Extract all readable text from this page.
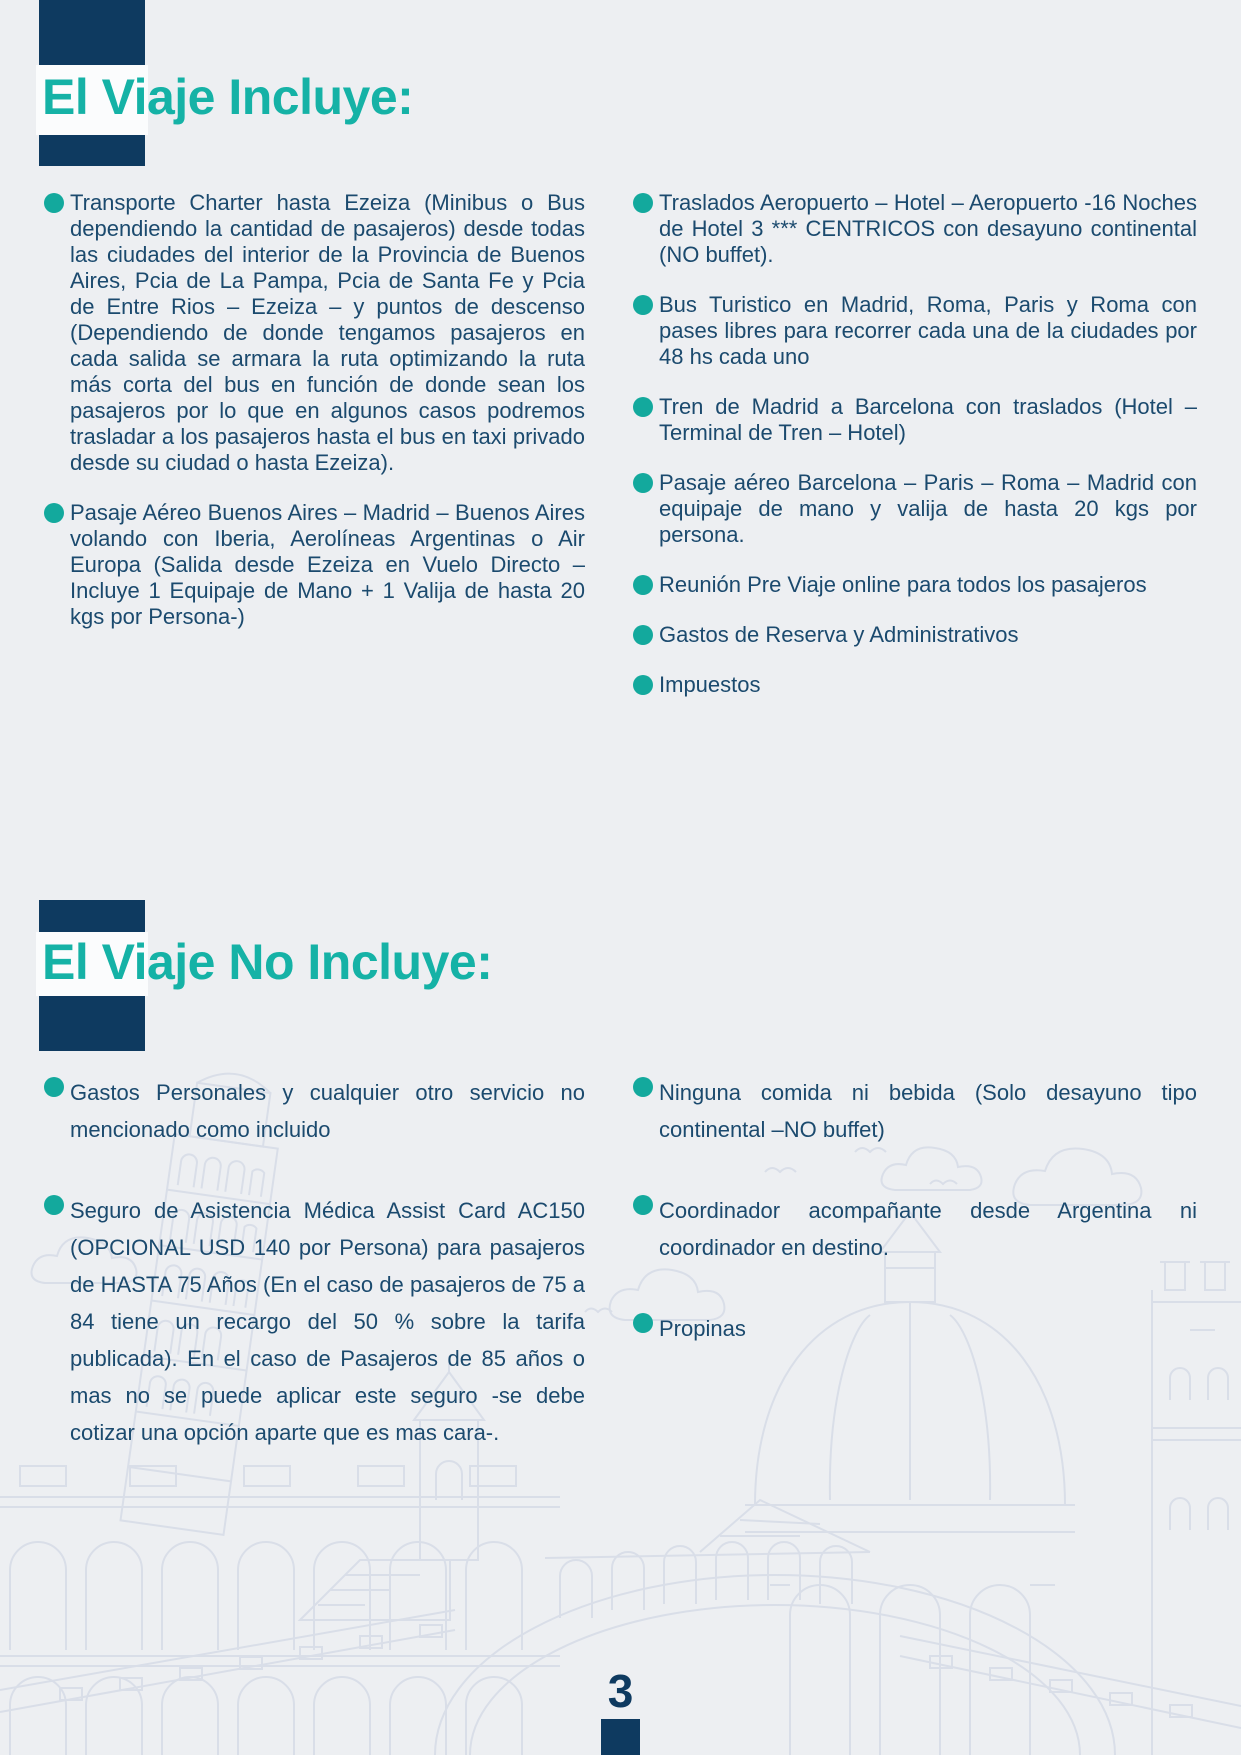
El Viaje Incluye:

Transporte Charter hasta Ezeiza (Minibus o Bus dependiendo la cantidad de pasajeros) desde todas las ciudades del interior de la Provincia de Buenos Aires, Pcia de La Pampa, Pcia de Santa Fe y Pcia de Entre Rios – Ezeiza – y puntos de descenso (Dependiendo de donde tengamos pasajeros en cada salida se armara la ruta optimizando la ruta más corta del bus en función de donde sean los pasajeros por lo que en algunos casos podremos trasladar a los pasajeros hasta el bus en taxi privado desde su ciudad o hasta Ezeiza).

Pasaje Aéreo Buenos Aires – Madrid – Buenos Aires volando con Iberia, Aerolíneas Argentinas o Air Europa (Salida desde Ezeiza en Vuelo Directo – Incluye 1 Equipaje de Mano + 1 Valija de hasta 20 kgs por Persona-)

Traslados Aeropuerto – Hotel – Aeropuerto -16 Noches de Hotel 3 *** CENTRICOS con desayuno continental (NO buffet).

Bus Turistico en Madrid, Roma, Paris y Roma con pases libres para recorrer cada una de la ciudades por 48 hs cada uno

Tren de Madrid a Barcelona con traslados (Hotel – Terminal de Tren – Hotel)

Pasaje aéreo Barcelona – Paris – Roma – Madrid con equipaje de mano y valija de hasta 20 kgs por persona.

Reunión Pre Viaje online para todos los pasajeros

Gastos de Reserva y Administrativos

Impuestos

El Viaje No Incluye:

Gastos Personales y cualquier otro servicio no mencionado como incluido

Seguro de Asistencia Médica Assist Card AC150 (OPCIONAL USD 140 por Persona) para pasajeros de HASTA 75 Años (En el caso de pasajeros de 75 a 84 tiene un recargo del 50 % sobre la tarifa publicada). En el caso de Pasajeros de 85 años o mas no se puede aplicar este seguro -se debe cotizar una opción aparte que es mas cara-.

Ninguna comida ni bebida (Solo desayuno tipo continental –NO buffet)

Coordinador acompañante desde Argentina ni coordinador en destino.

Propinas

3
